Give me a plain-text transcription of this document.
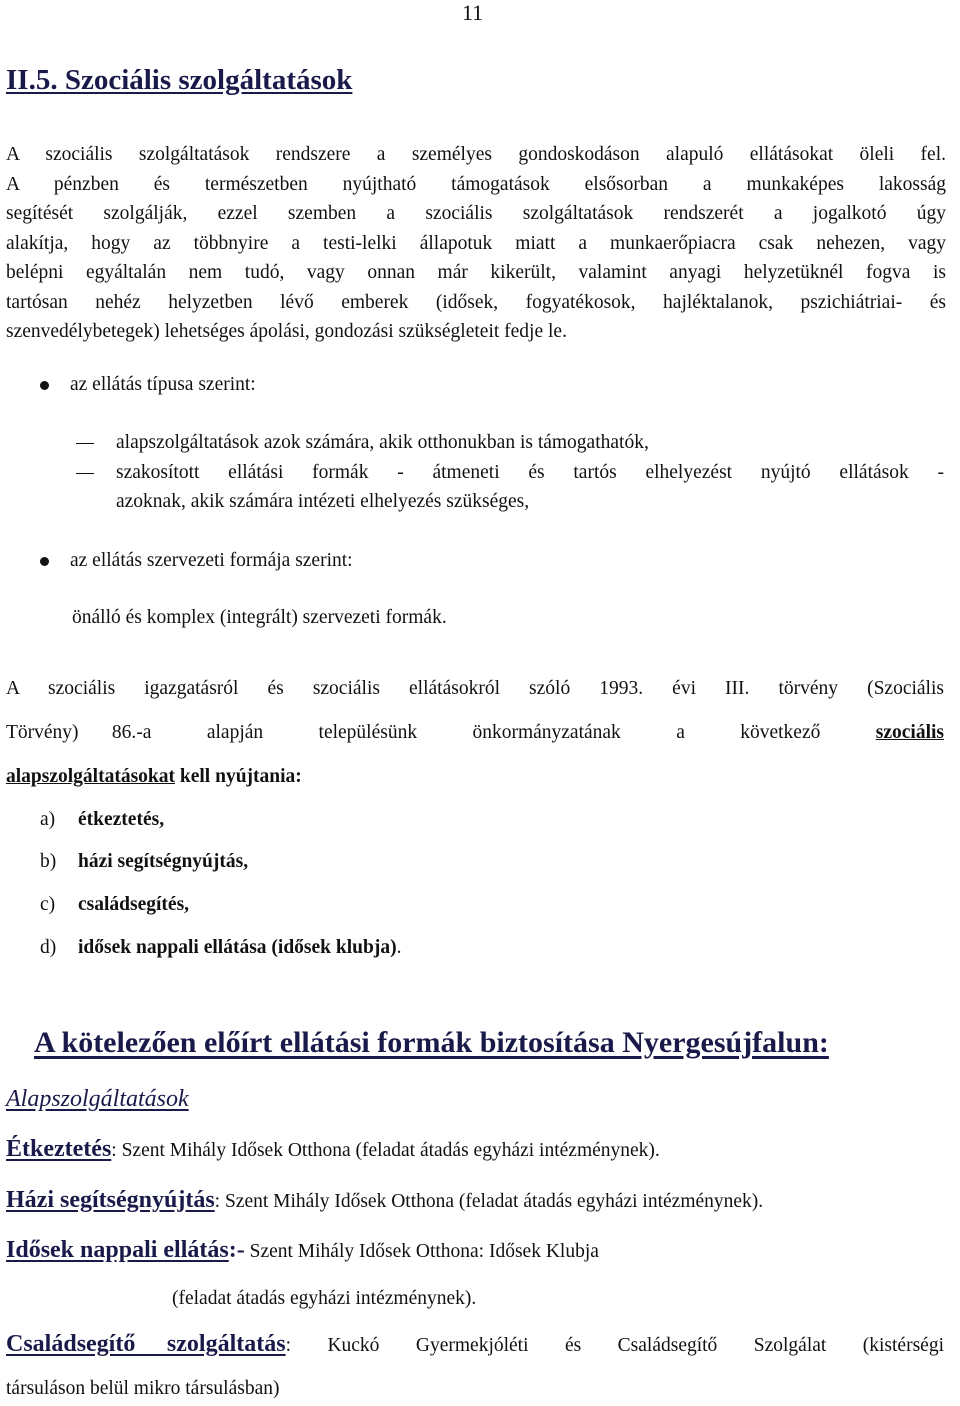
11
II.5. Szociális szolgáltatások
A szociális szolgáltatások rendszere a személyes gondoskodáson alapuló ellátásokat öleli fel.
A pénzben és természetben nyújtható támogatások elsősorban a munkaképes lakosság
segítését szolgálják, ezzel szemben a szociális szolgáltatások rendszerét a jogalkotó úgy
alakítja, hogy az többnyire a testi-lelki állapotuk miatt a munkaerőpiacra csak nehezen, vagy
belépni egyáltalán nem tudó, vagy onnan már kikerült, valamint anyagi helyzetüknél fogva is
tartósan nehéz helyzetben lévő emberek (idősek, fogyatékosok, hajléktalanok, pszichiátriai- és
szenvedélybetegek) lehetséges ápolási, gondozási szükségleteit fedje le.
az ellátás típusa szerint:
alapszolgáltatások azok számára, akik otthonukban is támogathatók,
szakosított ellátási formák - átmeneti és tartós elhelyezést nyújtó ellátások -
azoknak, akik számára intézeti elhelyezés szükséges,
az ellátás szervezeti formája szerint:
önálló és komplex (integrált) szervezeti formák.
A szociális igazgatásról és szociális ellátásokról szóló 1993. évi III. törvény (Szociális
Törvény) 86.-a alapján településünk önkormányzatának a következő szociális
alapszolgáltatásokat kell nyújtania:
a) étkeztetés,
b) házi segítségnyújtás,
c) családsegítés,
d) idősek nappali ellátása (idősek klubja).
A kötelezően előírt ellátási formák biztosítása Nyergesújfalun:
Alapszolgáltatások
Étkeztetés: Szent Mihály Idősek Otthona (feladat átadás egyházi intézménynek).
Házi segítségnyújtás: Szent Mihály Idősek Otthona (feladat átadás egyházi intézménynek).
Idősek nappali ellátás:- Szent Mihály Idősek Otthona: Idősek Klubja
(feladat átadás egyházi intézménynek).
Családsegítő szolgáltatás: Kuckó Gyermekjóléti és Családsegítő Szolgálat (kistérségi
társuláson belül mikro társulásban)
